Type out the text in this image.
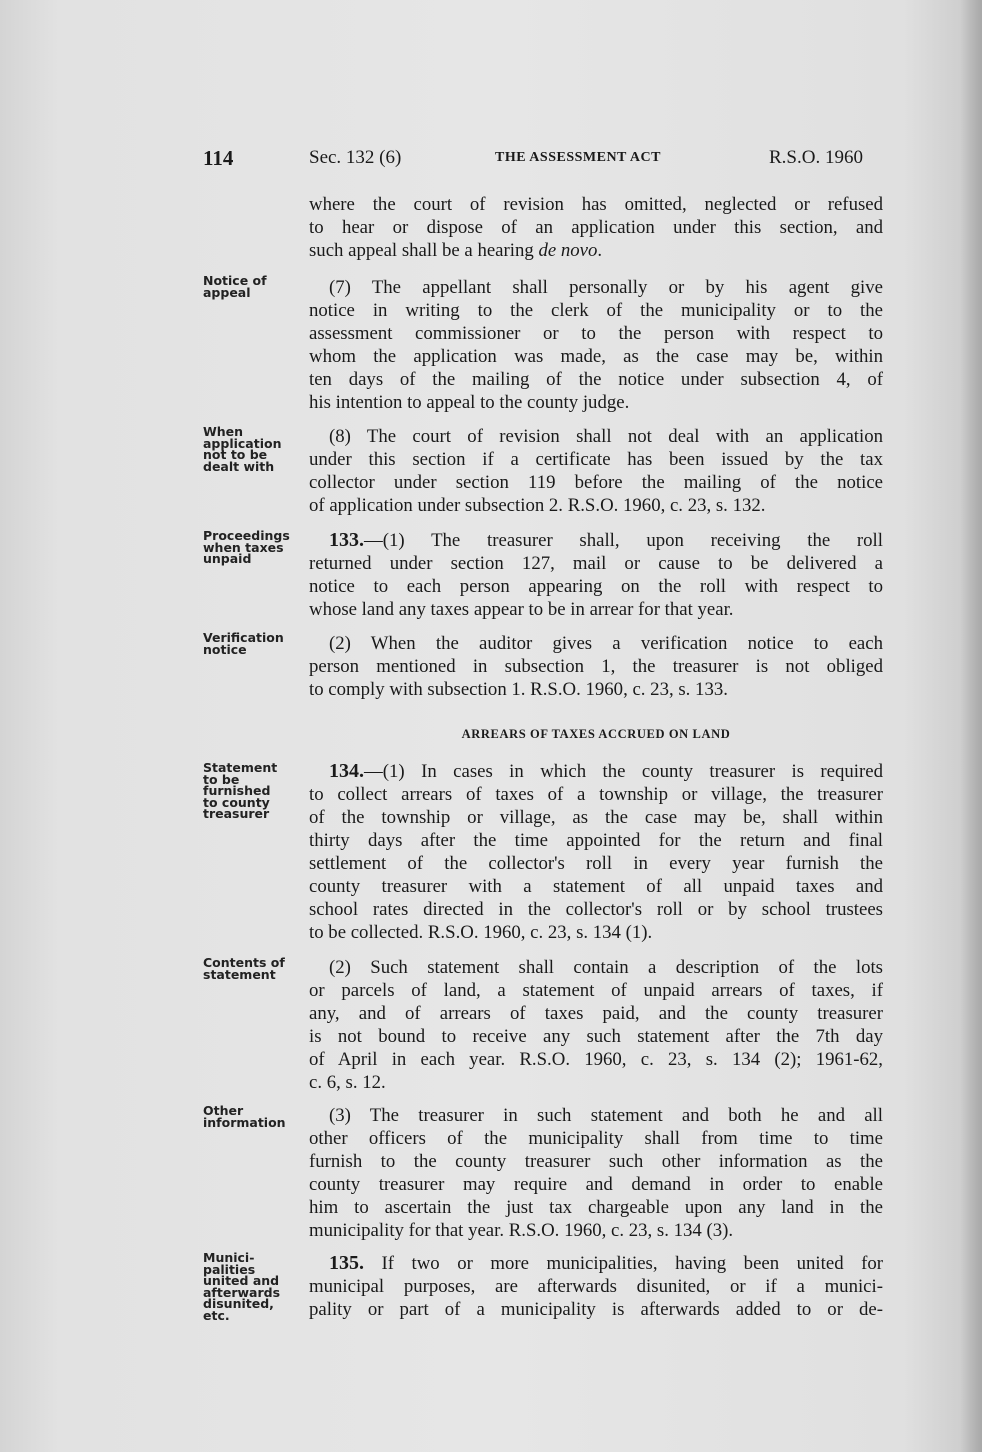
114	Sec. 132 (6)	THE ASSESSMENT ACT	R.S.O. 1960
where the court of revision has omitted, neglected or refused
to hear or dispose of an application under this section, and
such appeal shall be a hearing de novo.
Notice of
appeal	(7) The appellant shall personally or by his agent give
notice in writing to the clerk of the municipality or to the
assessment commissioner or to the person with respect to
whom the application was made, as the case may be, within
ten days of the mailing of the notice under subsection 4, of
his intention to appeal to the county judge.
When
application
not to be
dealt with
(8) The court of revision shall not deal with an application
under this section if a certificate has been issued by the tax
collector under section 119 before the mailing of the notice
of application under subsection 2. R.S.O. 1960, c. 23, s. 132.
Proceedings
when taxes
unpaid
133.—(1) The treasurer shall, upon receiving the roll
returned under section 127, mail or cause to be delivered a
notice to each person appearing on the roll with respect to
whose land any taxes appear to be in arrear for that year.
Verification
notice	(2) When the auditor gives a verification notice to each
person mentioned in subsection 1, the treasurer is not obliged
to comply with subsection 1. R.S.O. 1960, c. 23, s. 133.
ARREARS OF TAXES ACCRUED ON LAND
Statement
to be
furnished
to county
treasurer
134.—(1) In cases in which the county treasurer is required
to collect arrears of taxes of a township or village, the treasurer
of the township or village, as the case may be, shall within
thirty days after the time appointed for the return and final
settlement of the collector's roll in every year furnish the
county treasurer with a statement of all unpaid taxes and
school rates directed in the collector's roll or by school trustees
to be collected. R.S.O. 1960, c. 23, s. 134 (1).
Contents of
statement	(2) Such statement shall contain a description of the lots
or parcels of land, a statement of unpaid arrears of taxes, if
any, and of arrears of taxes paid, and the county treasurer
is not bound to receive any such statement after the 7th day
of April in each year. R.S.O. 1960, c. 23, s. 134 (2); 1961-62,
c. 6, s. 12.
Other
information	(3) The treasurer in such statement and both he and all
other officers of the municipality shall from time to time
furnish to the county treasurer such other information as the
county treasurer may require and demand in order to enable
him to ascertain the just tax chargeable upon any land in the
municipality for that year. R.S.O. 1960, c. 23, s. 134 (3).
Munici-
palities
united and
afterwards
disunited,
etc.
135. If two or more municipalities, having been united for
municipal purposes, are afterwards disunited, or if a munici-
pality or part of a municipality is afterwards added to or de-
